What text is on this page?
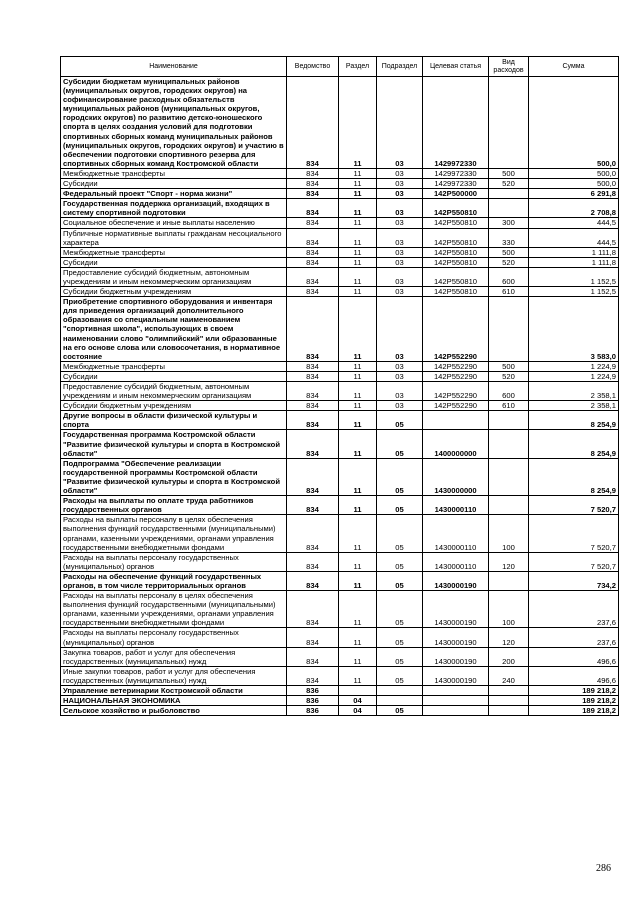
Наименование	Ведомство	Раздел	Подраздел	Целевая статья	Вид расходов	Сумма
Субсидии бюджетам муниципальных районов (муниципальных округов, городских округов) на софинансирование расходных обязательств муниципальных районов (муниципальных округов, городских округов) по развитию детско-юношеского спорта в целях создания условий для подготовки спортивных сборных команд муниципальных районов (муниципальных округов, городских округов) и участию в обеспечении подготовки спортивного резерва для спортивных сборных команд Костромской области	834	11	03	1429972330		500,0
Межбюджетные трансферты	834	11	03	1429972330	500	500,0
Субсидии	834	11	03	1429972330	520	500,0
Федеральный проект "Спорт - норма жизни"	834	11	03	142P500000		6 291,8
Государственная поддержка организаций, входящих в систему спортивной подготовки	834	11	03	142P550810		2 708,8
Социальное обеспечение и иные выплаты населению	834	11	03	142P550810	300	444,5
Публичные нормативные выплаты гражданам несоциального характера	834	11	03	142P550810	330	444,5
Межбюджетные трансферты	834	11	03	142P550810	500	1 111,8
Субсидии	834	11	03	142P550810	520	1 111,8
Предоставление субсидий бюджетным, автономным учреждениям и иным некоммерческим организациям	834	11	03	142P550810	600	1 152,5
Субсидии бюджетным учреждениям	834	11	03	142P550810	610	1 152,5
Приобретение спортивного оборудования и инвентаря для приведения организаций дополнительного образования со специальным наименованием "спортивная школа", использующих в своем наименовании слово "олимпийский" или образованные на его основе слова или словосочетания, в нормативное состояние	834	11	03	142P552290		3 583,0
Межбюджетные трансферты	834	11	03	142P552290	500	1 224,9
Субсидии	834	11	03	142P552290	520	1 224,9
Предоставление субсидий бюджетным, автономным учреждениям и иным некоммерческим организациям	834	11	03	142P552290	600	2 358,1
Субсидии бюджетным учреждениям	834	11	03	142P552290	610	2 358,1
Другие вопросы в области физической культуры и спорта	834	11	05			8 254,9
Государственная программа Костромской области "Развитие физической культуры и спорта в Костромской области"	834	11	05	1400000000		8 254,9
Подпрограмма "Обеспечение реализации государственной программы Костромской области "Развитие физической культуры и спорта в Костромской области"	834	11	05	1430000000		8 254,9
Расходы на выплаты по оплате труда работников государственных органов	834	11	05	1430000110		7 520,7
Расходы на выплаты персоналу в целях обеспечения выполнения функций государственными (муниципальными) органами, казенными учреждениями, органами управления государственными внебюджетными фондами	834	11	05	1430000110	100	7 520,7
Расходы на выплаты персоналу государственных (муниципальных) органов	834	11	05	1430000110	120	7 520,7
Расходы на обеспечение функций государственных органов, в том числе территориальных органов	834	11	05	1430000190		734,2
Расходы на выплаты персоналу в целях обеспечения выполнения функций государственными (муниципальными) органами, казенными учреждениями, органами управления государственными внебюджетными фондами	834	11	05	1430000190	100	237,6
Расходы на выплаты персоналу государственных (муниципальных) органов	834	11	05	1430000190	120	237,6
Закупка товаров, работ и услуг для обеспечения государственных (муниципальных) нужд	834	11	05	1430000190	200	496,6
Иные закупки товаров, работ и услуг для обеспечения государственных (муниципальных) нужд	834	11	05	1430000190	240	496,6
Управление ветеринарии Костромской области	836					189 218,2
НАЦИОНАЛЬНАЯ ЭКОНОМИКА	836	04				189 218,2
Сельское хозяйство и рыболовство	836	04	05			189 218,2
286
